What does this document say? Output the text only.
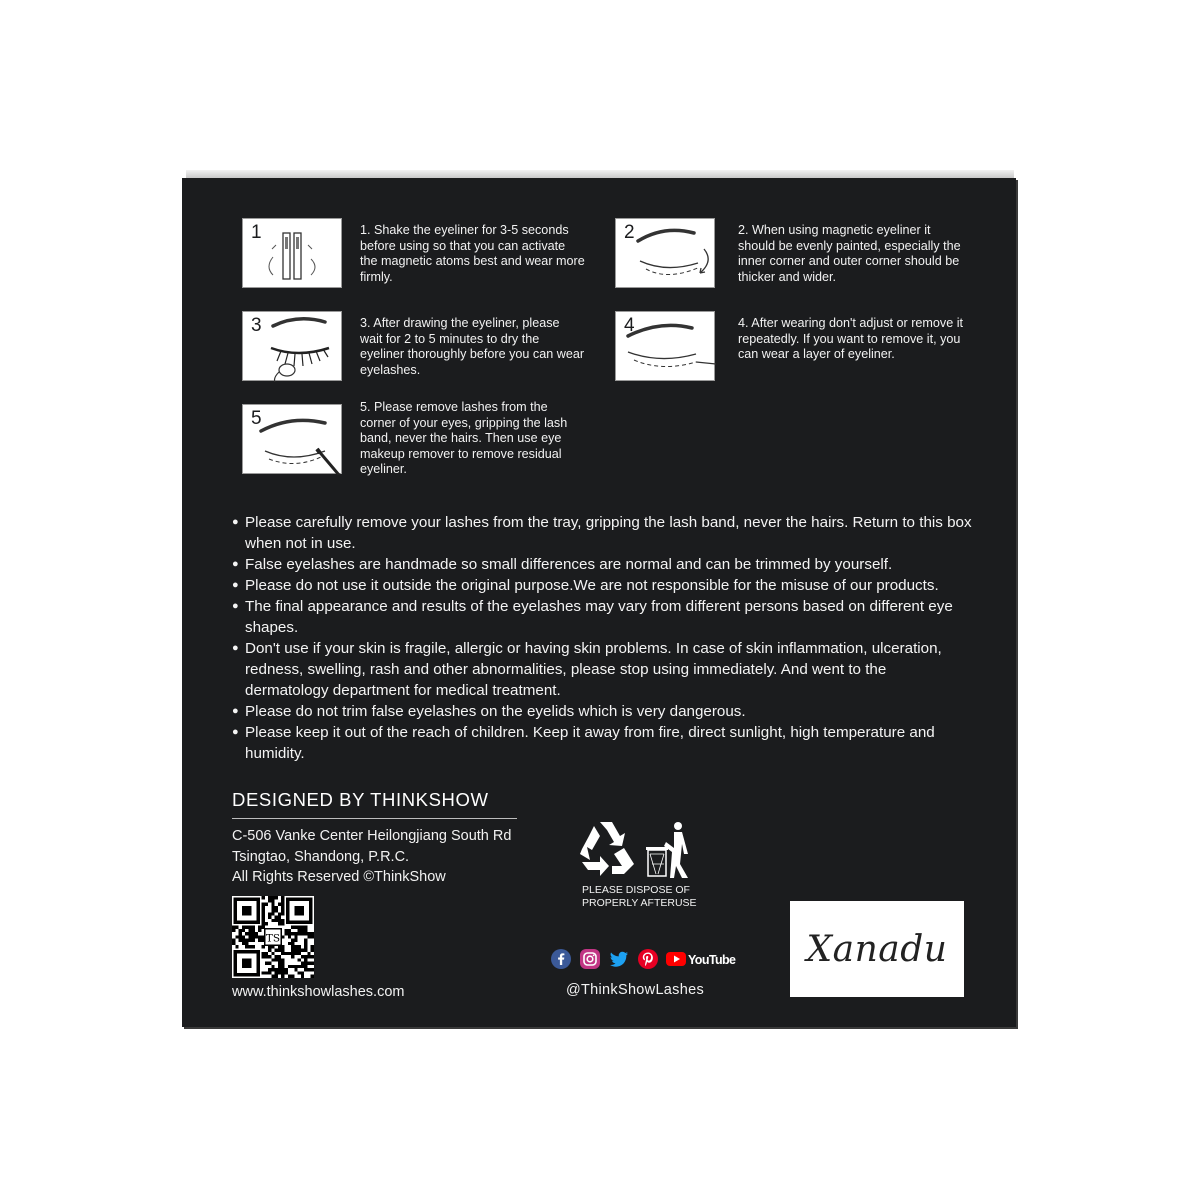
1	1. Shake the eyeliner for 3-5 seconds before using so that you can activate the magnetic atoms best and wear more firmly.
2	2. When using magnetic eyeliner it should be evenly painted, especially the inner corner and outer corner should be thicker and wider.
3	3. After drawing the eyeliner, please wait for 2 to 5 minutes to dry the eyeliner thoroughly before you can wear eyelashes.
4	4. After wearing don't adjust or remove it repeatedly. If you want to remove it, you can wear a layer of eyeliner.
5
5. Please remove lashes from the corner of your eyes, gripping the lash band, never the hairs. Then use eye makeup remover to remove residual eyeliner.
● Please carefully remove your lashes from the tray, gripping the lash band, never the hairs. Return to this box when not in use.
● False eyelashes are handmade so small differences are normal and can be trimmed by yourself.
● Please do not use it outside the original purpose.We are not responsible for the misuse of our products.
● The final appearance and results of the eyelashes may vary from different persons based on different eye shapes.
● Don't use if your skin is fragile, allergic or having skin problems. In case of skin inflammation, ulceration, redness, swelling, rash and other abnormalities, please stop using immediately. And went to the dermatology department for medical treatment.
● Please do not trim false eyelashes on the eyelids which is very dangerous.
● Please keep it out of the reach of children. Keep it away from fire, direct sunlight, high temperature and humidity.
DESIGNED BY THINKSHOW
C-506 Vanke Center Heilongjiang South Rd
Tsingtao, Shandong, P.R.C.
All Rights Reserved ©ThinkShow
TS
www.thinkshowlashes.com
PLEASE DISPOSE OF
PROPERLY AFTERUSE
YouTube
@ThinkShowLashes
Xanadu
